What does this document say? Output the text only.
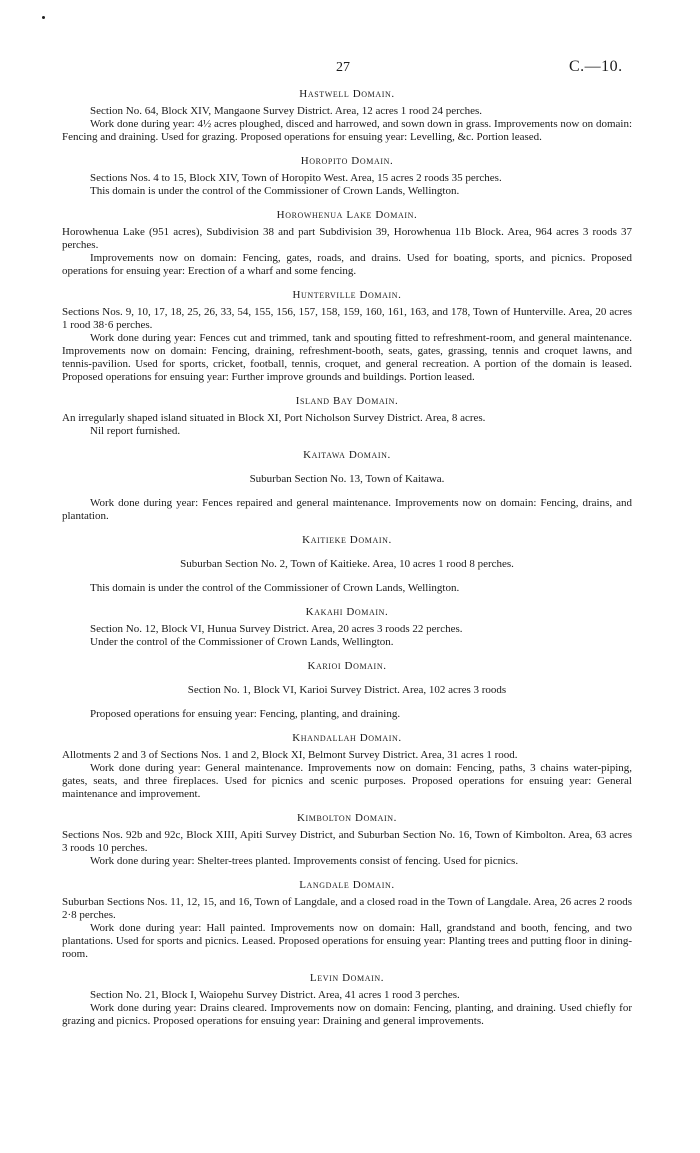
27	C.—10.
Hastwell Domain.

Section No. 64, Block XIV, Mangaone Survey District. Area, 12 acres 1 rood 24 perches.

Work done during year: 4½ acres ploughed, disced and harrowed, and sown down in grass. Improvements now on domain: Fencing and draining. Used for grazing. Proposed operations for ensuing year: Levelling, &c. Portion leased.

Horopito Domain.

Sections Nos. 4 to 15, Block XIV, Town of Horopito West. Area, 15 acres 2 roods 35 perches.

This domain is under the control of the Commissioner of Crown Lands, Wellington.

Horowhenua Lake Domain.

Horowhenua Lake (951 acres), Subdivision 38 and part Subdivision 39, Horowhenua 11b Block. Area, 964 acres 3 roods 37 perches.

Improvements now on domain: Fencing, gates, roads, and drains. Used for boating, sports, and picnics. Proposed operations for ensuing year: Erection of a wharf and some fencing.

Hunterville Domain.

Sections Nos. 9, 10, 17, 18, 25, 26, 33, 54, 155, 156, 157, 158, 159, 160, 161, 163, and 178, Town of Hunterville. Area, 20 acres 1 rood 38·6 perches.

Work done during year: Fences cut and trimmed, tank and spouting fitted to refreshment-room, and general maintenance. Improvements now on domain: Fencing, draining, refreshment-booth, seats, gates, grassing, tennis and croquet lawns, and tennis-pavilion. Used for sports, cricket, football, tennis, croquet, and general recreation. A portion of the domain is leased. Proposed operations for ensuing year: Further improve grounds and buildings. Portion leased.

Island Bay Domain.

An irregularly shaped island situated in Block XI, Port Nicholson Survey District. Area, 8 acres.

Nil report furnished.

Kaitawa Domain.

Suburban Section No. 13, Town of Kaitawa.

Work done during year: Fences repaired and general maintenance. Improvements now on domain: Fencing, drains, and plantation.

Kaitieke Domain.

Suburban Section No. 2, Town of Kaitieke. Area, 10 acres 1 rood 8 perches.

This domain is under the control of the Commissioner of Crown Lands, Wellington.

Kakahi Domain.

Section No. 12, Block VI, Hunua Survey District. Area, 20 acres 3 roods 22 perches.

Under the control of the Commissioner of Crown Lands, Wellington.

Karioi Domain.

Section No. 1, Block VI, Karioi Survey District. Area, 102 acres 3 roods

Proposed operations for ensuing year: Fencing, planting, and draining.

Khandallah Domain.

Allotments 2 and 3 of Sections Nos. 1 and 2, Block XI, Belmont Survey District. Area, 31 acres 1 rood.

Work done during year: General maintenance. Improvements now on domain: Fencing, paths, 3 chains water-piping, gates, seats, and three fireplaces. Used for picnics and scenic purposes. Proposed operations for ensuing year: General maintenance and improvement.

Kimbolton Domain.

Sections Nos. 92b and 92c, Block XIII, Apiti Survey District, and Suburban Section No. 16, Town of Kimbolton. Area, 63 acres 3 roods 10 perches.

Work done during year: Shelter-trees planted. Improvements consist of fencing. Used for picnics.

Langdale Domain.

Suburban Sections Nos. 11, 12, 15, and 16, Town of Langdale, and a closed road in the Town of Langdale. Area, 26 acres 2 roods 2·8 perches.

Work done during year: Hall painted. Improvements now on domain: Hall, grandstand and booth, fencing, and two plantations. Used for sports and picnics. Leased. Proposed operations for ensuing year: Planting trees and putting floor in dining-room.

Levin Domain.

Section No. 21, Block I, Waiopehu Survey District. Area, 41 acres 1 rood 3 perches.

Work done during year: Drains cleared. Improvements now on domain: Fencing, planting, and draining. Used chiefly for grazing and picnics. Proposed operations for ensuing year: Draining and general improvements.
